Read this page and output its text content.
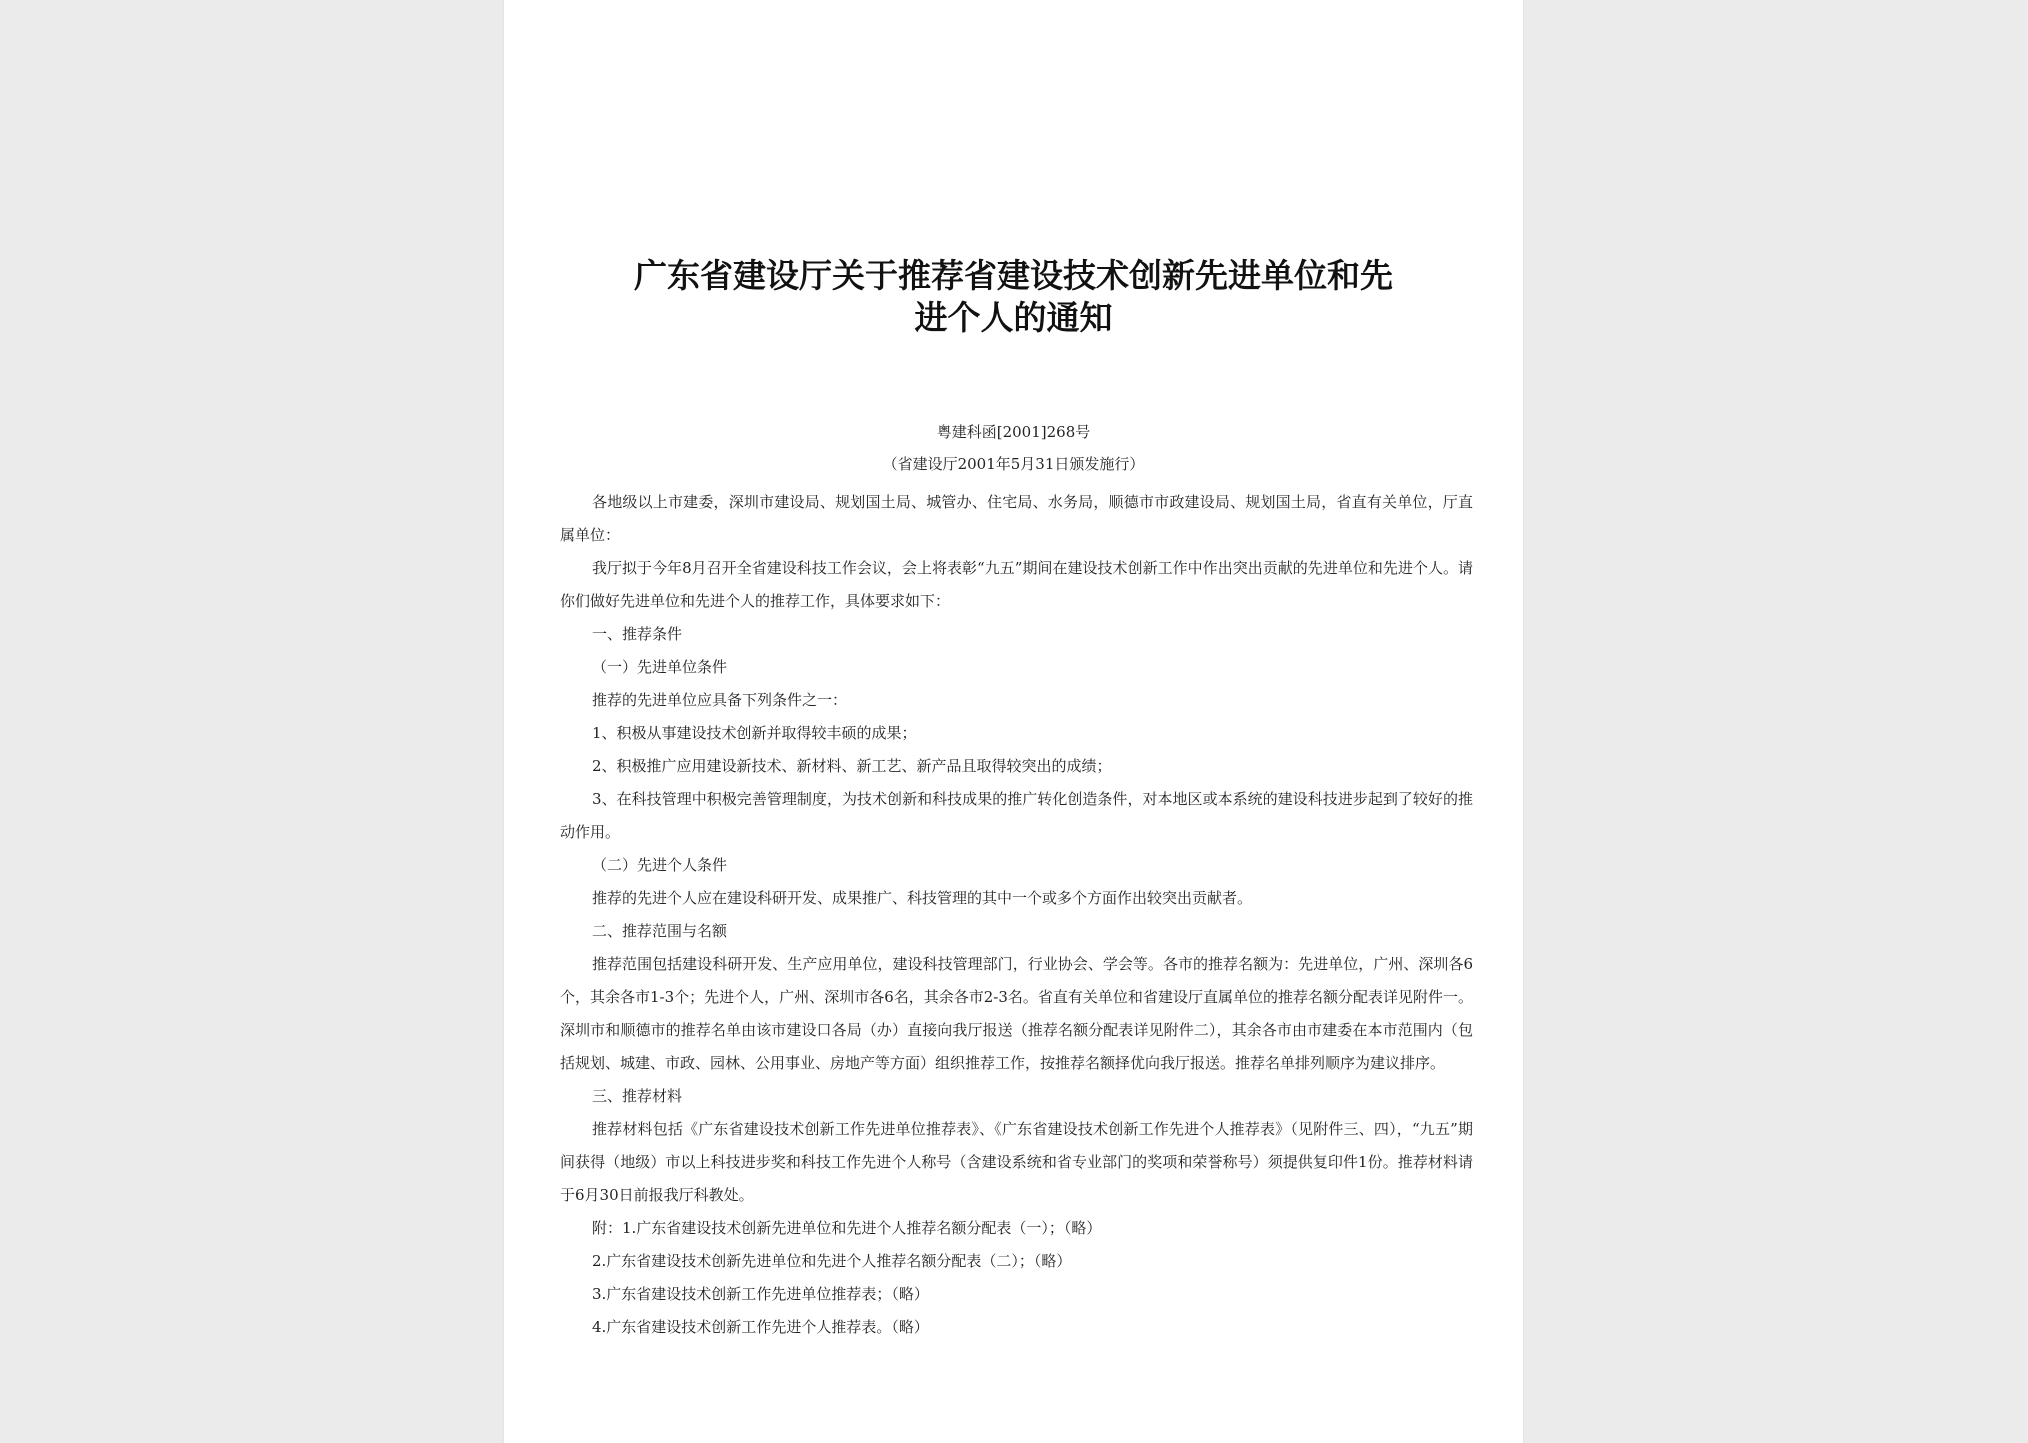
广东省建设厅关于推荐省建设技术创新先进单位和先
进个人的通知
粤建科函[2001]268号
（省建设厅2001年5月31日颁发施行）

各地级以上市建委，深圳市建设局、规划国土局、城管办、住宅局、水务局，顺德市市政建设局、规划国土局，省直有关单位，厅直属单位：

我厅拟于今年8月召开全省建设科技工作会议，会上将表彰“九五”期间在建设技术创新工作中作出突出贡献的先进单位和先进个人。请你们做好先进单位和先进个人的推荐工作，具体要求如下：

一、推荐条件

（一）先进单位条件

推荐的先进单位应具备下列条件之一：

1、积极从事建设技术创新并取得较丰硕的成果；

2、积极推广应用建设新技术、新材料、新工艺、新产品且取得较突出的成绩；

3、在科技管理中积极完善管理制度，为技术创新和科技成果的推广转化创造条件，对本地区或本系统的建设科技进步起到了较好的推动作用。

（二）先进个人条件

推荐的先进个人应在建设科研开发、成果推广、科技管理的其中一个或多个方面作出较突出贡献者。

二、推荐范围与名额

推荐范围包括建设科研开发、生产应用单位，建设科技管理部门，行业协会、学会等。各市的推荐名额为：先进单位，广州、深圳各6个，其余各市1-3个；先进个人，广州、深圳市各6名，其余各市2-3名。省直有关单位和省建设厅直属单位的推荐名额分配表详见附件一。深圳市和顺德市的推荐名单由该市建设口各局（办）直接向我厅报送（推荐名额分配表详见附件二），其余各市由市建委在本市范围内（包括规划、城建、市政、园林、公用事业、房地产等方面）组织推荐工作，按推荐名额择优向我厅报送。推荐名单排列顺序为建议排序。

三、推荐材料

推荐材料包括《广东省建设技术创新工作先进单位推荐表》、《广东省建设技术创新工作先进个人推荐表》（见附件三、四），“九五”期间获得（地级）市以上科技进步奖和科技工作先进个人称号（含建设系统和省专业部门的奖项和荣誉称号）须提供复印件1份。推荐材料请于6月30日前报我厅科教处。

附：1.广东省建设技术创新先进单位和先进个人推荐名额分配表（一）；（略）

2.广东省建设技术创新先进单位和先进个人推荐名额分配表（二）；（略）

3.广东省建设技术创新工作先进单位推荐表；（略）

4.广东省建设技术创新工作先进个人推荐表。（略）
